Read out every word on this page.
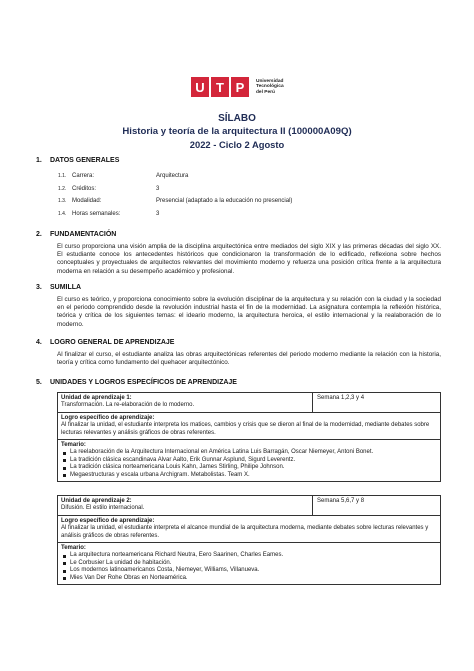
U T P	Universidad Tecnológica del Perú
SÍLABO
Historia y teoría de la arquitectura II (100000A09Q)
2022 - Ciclo 2 Agosto
1.	DATOS GENERALES
1.1. Carrera:	Arquitectura
1.2. Créditos:	3
1.3. Modalidad:	Presencial (adaptado a la educación no presencial)
1.4. Horas semanales:	3
2.	FUNDAMENTACIÓN
El curso proporciona una visión amplia de la disciplina arquitectónica entre mediados del siglo XIX y las primeras décadas del siglo XX. El estudiante conoce los antecedentes históricos que condicionaron la transformación de lo edificado, reflexiona sobre hechos conceptuales y proyectuales de arquitectos relevantes del movimiento moderno y refuerza una posición crítica frente a la arquitectura moderna en relación a su desempeño académico y profesional.
3.	SUMILLA
El curso es teórico, y proporciona conocimiento sobre la evolución disciplinar de la arquitectura y su relación con la ciudad y la sociedad en el periodo comprendido desde la revolución industrial hasta el fin de la modernidad. La asignatura contempla la reflexión histórica, teórica y crítica de los siguientes temas: el ideario moderno, la arquitectura heroica, el estilo internacional y la realaboración de lo moderno.
4.	LOGRO GENERAL DE APRENDIZAJE
Al finalizar el curso, el estudiante analiza las obras arquitectónicas referentes del periodo moderno mediante la relación con la historia, teoría y crítica como fundamento del quehacer arquitectónico.
5.	UNIDADES Y LOGROS ESPECÍFICOS DE APRENDIZAJE
Unidad de aprendizaje 1:
Transformación. La re-elaboración de lo moderno.
Semana 1,2,3 y 4
Logro específico de aprendizaje:
Al finalizar la unidad, el estudiante interpreta los matices, cambios y crisis que se dieron al final de la modernidad, mediante debates sobre lecturas relevantes y análisis gráficos de obras referentes.
Temario:
La reelaboración de la Arquitectura Internacional en América Latina Luis Barragán, Oscar Niemeyer, Antoni Bonet.
La tradición clásica escandinava Alvar Aalto, Erik Gunnar Asplund, Sigurd Leverentz.
La tradición clásica norteamericana Louis Kahn, James Stirling, Philipe Johnson.
Megaestructuras y escala urbana Archigram. Metabolistas. Team X.
Unidad de aprendizaje 2:
Difusión. El estilo internacional.
Semana 5,6,7 y 8
Logro específico de aprendizaje:
Al finalizar la unidad, el estudiante interpreta el alcance mundial de la arquitectura moderna, mediante debates sobre lecturas relevantes y análisis gráficos de obras referentes.
Temario:
La arquitectura norteamericana Richard Neutra, Eero Saarinen, Charles Eames.
Le Corbusier La unidad de habitación.
Los modernos latinoamericanos Costa, Niemeyer, Williams, Villanueva.
Mies Van Der Rohe Obras en Norteamérica.
